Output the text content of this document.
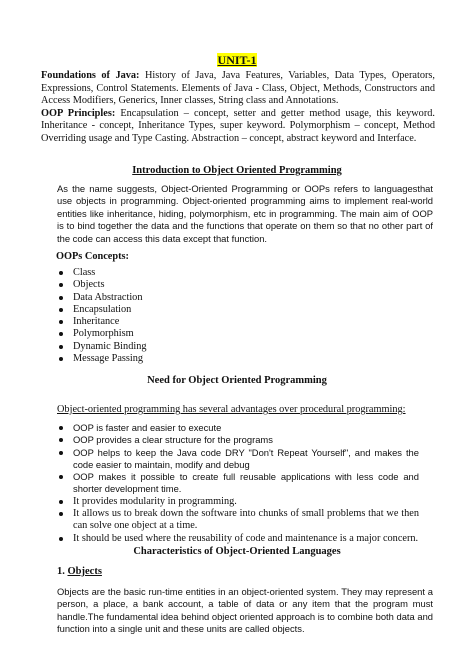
UNIT-1
Foundations of Java: History of Java, Java Features, Variables, Data Types, Operators, Expressions, Control Statements. Elements of Java - Class, Object, Methods, Constructors and Access Modifiers, Generics, Inner classes, String class and Annotations.
OOP Principles: Encapsulation – concept, setter and getter method usage, this keyword. Inheritance - concept, Inheritance Types, super keyword. Polymorphism – concept, Method Overriding usage and Type Casting. Abstraction – concept, abstract keyword and Interface.
Introduction to Object Oriented Programming
As the name suggests, Object-Oriented Programming or OOPs refers to languagesthat use objects in programming. Object-oriented programming aims to implement real-world entities like inheritance, hiding, polymorphism, etc in programming. The main aim of OOP is to bind together the data and the functions that operate on them so that no other part of the code can access this data except that function.
OOPs Concepts:
Class
Objects
Data Abstraction
Encapsulation
Inheritance
Polymorphism
Dynamic Binding
Message Passing
Need for Object Oriented Programming
Object-oriented programming has several advantages over procedural programming:
OOP is faster and easier to execute
OOP provides a clear structure for the programs
OOP helps to keep the Java code DRY "Don't Repeat Yourself", and makes the code easier to maintain, modify and debug
OOP makes it possible to create full reusable applications with less code and shorter development time.
It provides modularity in programming.
It allows us to break down the software into chunks of small problems that we then can solve one object at a time.
It should be used where the reusability of code and maintenance is a major concern.
Characteristics of Object-Oriented Languages
1. Objects
Objects are the basic run-time entities in an object-oriented system. They may represent a person, a place, a bank account, a table of data or any item that the program must handle.The fundamental idea behind object oriented approach is to combine both data and function into a single unit and these units are called objects.
